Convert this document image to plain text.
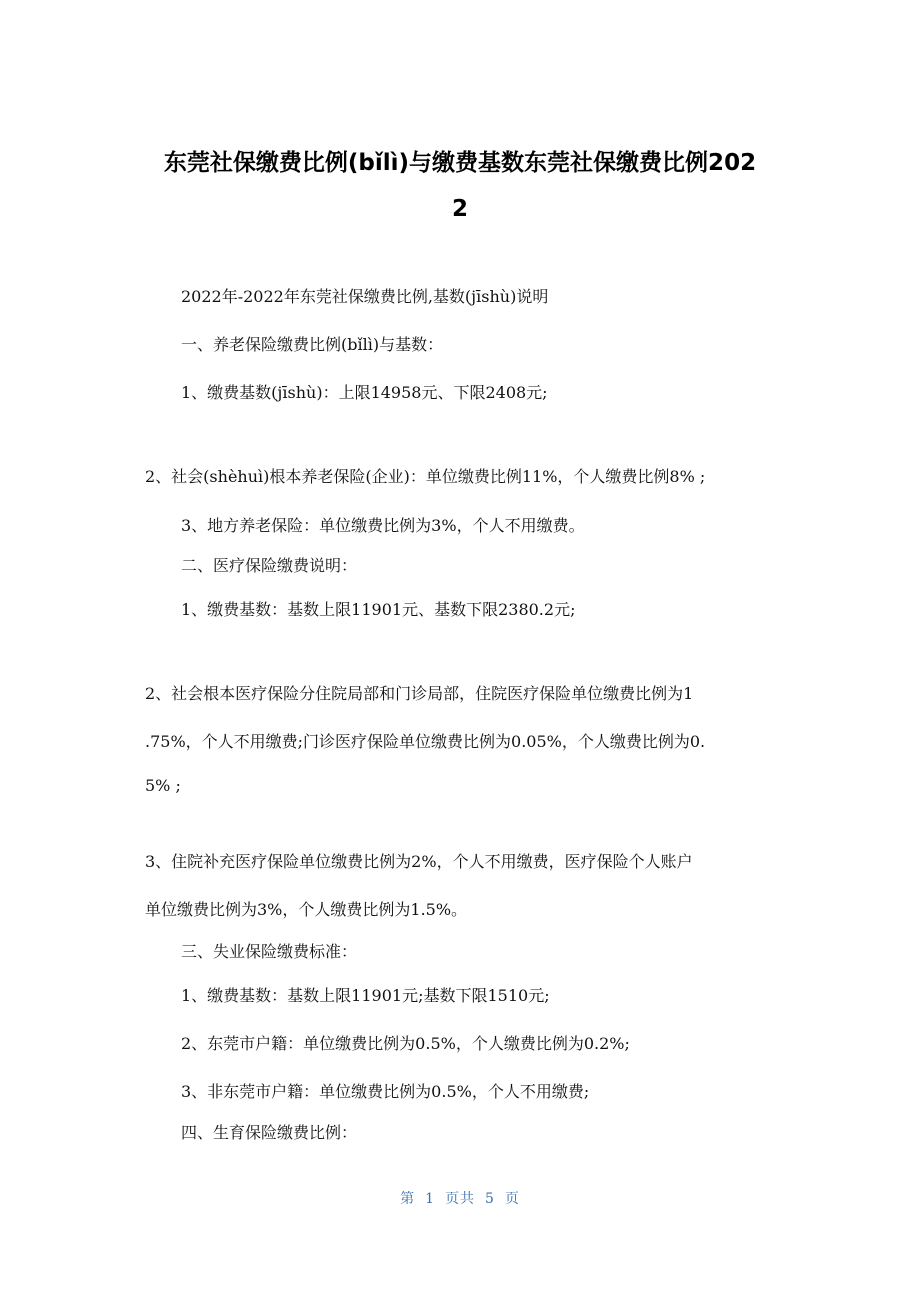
东莞社保缴费比例(bǐlì)与缴费基数东莞社保缴费比例202
2
2022年-2022年东莞社保缴费比例,基数(jīshù)说明
一、养老保险缴费比例(bǐlì)与基数：
1、缴费基数(jīshù)：上限14958元、下限2408元;
2、社会(shèhuì)根本养老保险(企业)：单位缴费比例11%，个人缴费比例8% ;
3、地方养老保险：单位缴费比例为3%，个人不用缴费。
二、医疗保险缴费说明：
1、缴费基数：基数上限11901元、基数下限2380.2元;
2、社会根本医疗保险分住院局部和门诊局部，住院医疗保险单位缴费比例为1
.75%，个人不用缴费;门诊医疗保险单位缴费比例为0.05%，个人缴费比例为0.
5% ;
3、住院补充医疗保险单位缴费比例为2%，个人不用缴费，医疗保险个人账户
单位缴费比例为3%，个人缴费比例为1.5%。
三、失业保险缴费标准：
1、缴费基数：基数上限11901元;基数下限1510元;
2、东莞市户籍：单位缴费比例为0.5%，个人缴费比例为0.2%;
3、非东莞市户籍：单位缴费比例为0.5%，个人不用缴费;
四、生育保险缴费比例：
第 1 页共 5 页
